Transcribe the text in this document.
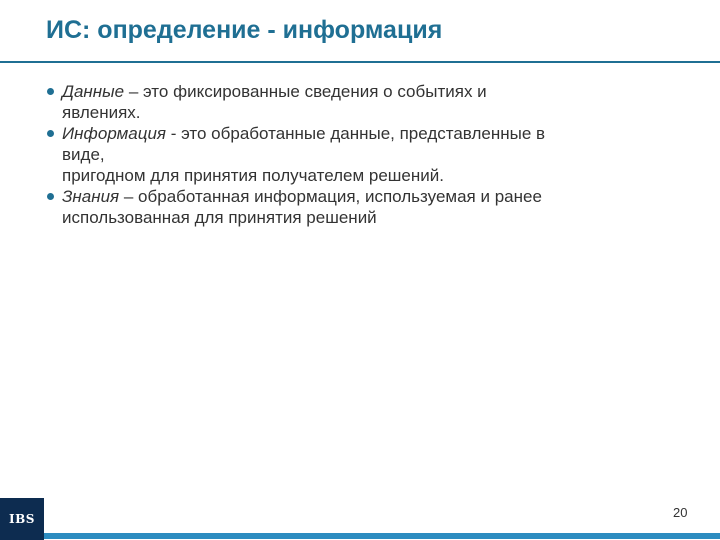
ИС: определение - информация
Данные – это фиксированные сведения о событиях и
явлениях.
Информация - это обработанные данные, представленные в
виде,
пригодном для принятия получателем решений.
Знания – обработанная информация, используемая и ранее
использованная для принятия решений
IBS	20
